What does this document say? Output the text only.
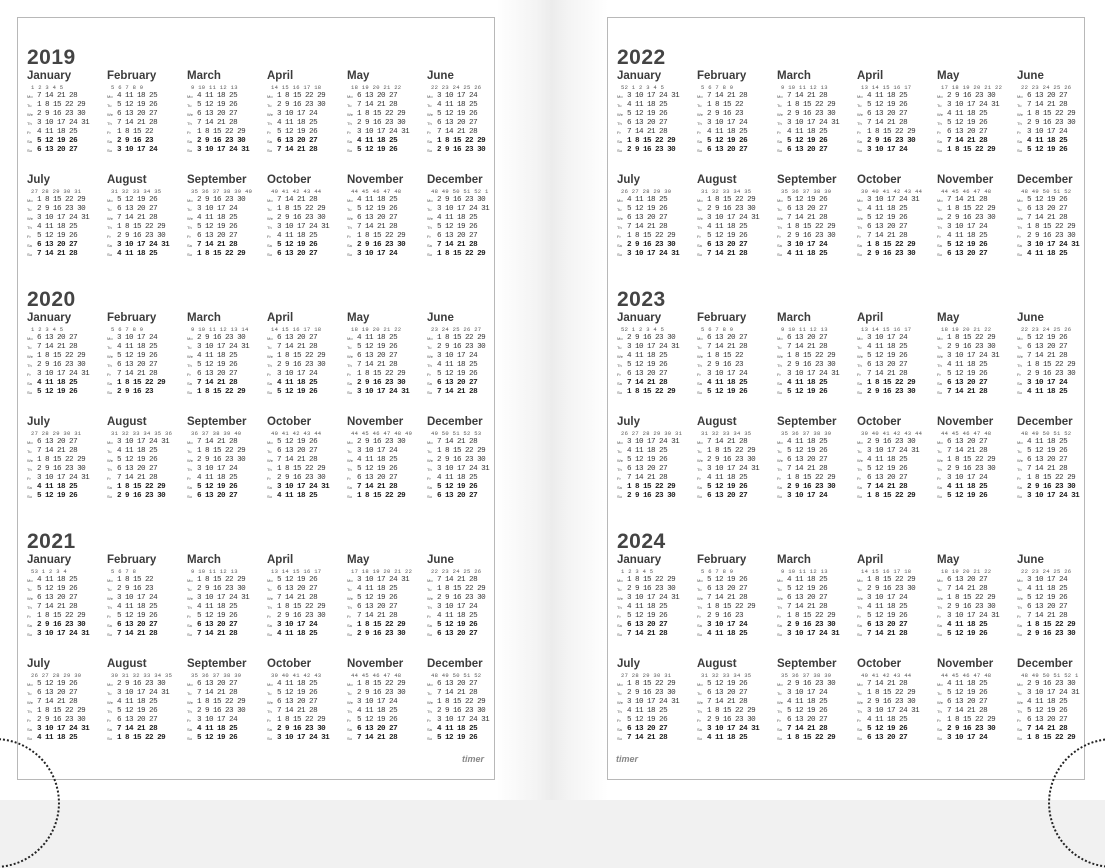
2019
January
1 2 3 4 5
Mo 7 14 21 28
Tu 1 8 15 22 29
We 2 9 16 23 30
Th 3 10 17 24 31
Fr 4 11 18 25
Sa 5 12 19 26
Su 6 13 20 27
February
5 6 7 8 9
Mo 4 11 18 25
Tu 5 12 19 26
We 6 13 20 27
Th 7 14 21 28
Fr 1 8 15 22
Sa 2 9 16 23
Su 3 10 17 24
March
9 10 11 12 13
Mo 4 11 18 25
Tu 5 12 19 26
We 6 13 20 27
Th 7 14 21 28
Fr 1 8 15 22 29
Sa 2 9 16 23 30
Su 3 10 17 24 31
April
14 15 16 17 18
Mo 1 8 15 22 29
Tu 2 9 16 23 30
We 3 10 17 24
Th 4 11 18 25
Fr 5 12 19 26
Sa 6 13 20 27
Su 7 14 21 28
May
18 19 20 21 22
Mo 6 13 20 27
Tu 7 14 21 28
We 1 8 15 22 29
Th 2 9 16 23 30
Fr 3 10 17 24 31
Sa 4 11 18 25
Su 5 12 19 26
June
22 23 24 25 26
Mo 3 10 17 24
Tu 4 11 18 25
We 5 12 19 26
Th 6 13 20 27
Fr 7 14 21 28
Sa 1 8 15 22 29
Su 2 9 16 23 30
July
27 28 29 30 31
Mo 1 8 15 22 29
Tu 2 9 16 23 30
We 3 10 17 24 31
Th 4 11 18 25
Fr 5 12 19 26
Sa 6 13 20 27
Su 7 14 21 28
August
31 32 33 34 35
Mo 5 12 19 26
Tu 6 13 20 27
We 7 14 21 28
Th 1 8 15 22 29
Fr 2 9 16 23 30
Sa 3 10 17 24 31
Su 4 11 18 25
September
35 36 37 38 39 40
Mo 2 9 16 23 30
Tu 3 10 17 24
We 4 11 18 25
Th 5 12 19 26
Fr 6 13 20 27
Sa 7 14 21 28
Su 1 8 15 22 29
October
40 41 42 43 44
Mo 7 14 21 28
Tu 1 8 15 22 29
We 2 9 16 23 30
Th 3 10 17 24 31
Fr 4 11 18 25
Sa 5 12 19 26
Su 6 13 20 27
November
44 45 46 47 48
Mo 4 11 18 25
Tu 5 12 19 26
We 6 13 20 27
Th 7 14 21 28
Fr 1 8 15 22 29
Sa 2 9 16 23 30
Su 3 10 17 24
December
48 49 50 51 52 1
Mo 2 9 16 23 30
Tu 3 10 17 24 31
We 4 11 18 25
Th 5 12 19 26
Fr 6 13 20 27
Sa 7 14 21 28
Su 1 8 15 22 29
2020
January
1 2 3 4 5
Mo 6 13 20 27
Tu 7 14 21 28
We 1 8 15 22 29
Th 2 9 16 23 30
Fr 3 10 17 24 31
Sa 4 11 18 25
Su 5 12 19 26
February
5 6 7 8 9
Mo 3 10 17 24
Tu 4 11 18 25
We 5 12 19 26
Th 6 13 20 27
Fr 7 14 21 28
Sa 1 8 15 22 29
Su 2 9 16 23
March
9 10 11 12 13 14
Mo 2 9 16 23 30
Tu 3 10 17 24 31
We 4 11 18 25
Th 5 12 19 26
Fr 6 13 20 27
Sa 7 14 21 28
Su 1 8 15 22 29
April
14 15 16 17 18
Mo 6 13 20 27
Tu 7 14 21 28
We 1 8 15 22 29
Th 2 9 16 23 30
Fr 3 10 17 24
Sa 4 11 18 25
Su 5 12 19 26
May
18 19 20 21 22
Mo 4 11 18 25
Tu 5 12 19 26
We 6 13 20 27
Th 7 14 21 28
Fr 1 8 15 22 29
Sa 2 9 16 23 30
Su 3 10 17 24 31
June
23 24 25 26 27
Mo 1 8 15 22 29
Tu 2 9 16 23 30
We 3 10 17 24
Th 4 11 18 25
Fr 5 12 19 26
Sa 6 13 20 27
Su 7 14 21 28
July
27 28 29 30 31
Mo 6 13 20 27
Tu 7 14 21 28
We 1 8 15 22 29
Th 2 9 16 23 30
Fr 3 10 17 24 31
Sa 4 11 18 25
Su 5 12 19 26
August
31 32 33 34 35 36
Mo 3 10 17 24 31
Tu 4 11 18 25
We 5 12 19 26
Th 6 13 20 27
Fr 7 14 21 28
Sa 1 8 15 22 29
Su 2 9 16 23 30
September
36 37 38 39 40
Mo 7 14 21 28
Tu 1 8 15 22 29
We 2 9 16 23 30
Th 3 10 17 24
Fr 4 11 18 25
Sa 5 12 19 26
Su 6 13 20 27
October
40 41 42 43 44
Mo 5 12 19 26
Tu 6 13 20 27
We 7 14 21 28
Th 1 8 15 22 29
Fr 2 9 16 23 30
Sa 3 10 17 24 31
Su 4 11 18 25
November
44 45 46 47 48 49
Mo 2 9 16 23 30
Tu 3 10 17 24
We 4 11 18 25
Th 5 12 19 26
Fr 6 13 20 27
Sa 7 14 21 28
Su 1 8 15 22 29
December
49 50 51 52 53
Mo 7 14 21 28
Tu 1 8 15 22 29
We 2 9 16 23 30
Th 3 10 17 24 31
Fr 4 11 18 25
Sa 5 12 19 26
Su 6 13 20 27
2021
January
53 1 2 3 4
Mo 4 11 18 25
Tu 5 12 19 26
We 6 13 20 27
Th 7 14 21 28
Fr 1 8 15 22 29
Sa 2 9 16 23 30
Su 3 10 17 24 31
February
5 6 7 8
Mo 1 8 15 22
Tu 2 9 16 23
We 3 10 17 24
Th 4 11 18 25
Fr 5 12 19 26
Sa 6 13 20 27
Su 7 14 21 28
March
9 10 11 12 13
Mo 1 8 15 22 29
Tu 2 9 16 23 30
We 3 10 17 24 31
Th 4 11 18 25
Fr 5 12 19 26
Sa 6 13 20 27
Su 7 14 21 28
April
13 14 15 16 17
Mo 5 12 19 26
Tu 6 13 20 27
We 7 14 21 28
Th 1 8 15 22 29
Fr 2 9 16 23 30
Sa 3 10 17 24
Su 4 11 18 25
May
17 18 19 20 21 22
Mo 3 10 17 24 31
Tu 4 11 18 25
We 5 12 19 26
Th 6 13 20 27
Fr 7 14 21 28
Sa 1 8 15 22 29
Su 2 9 16 23 30
June
22 23 24 25 26
Mo 7 14 21 28
Tu 1 8 15 22 29
We 2 9 16 23 30
Th 3 10 17 24
Fr 4 11 18 25
Sa 5 12 19 26
Su 6 13 20 27
July
26 27 28 29 30
Mo 5 12 19 26
Tu 6 13 20 27
We 7 14 21 28
Th 1 8 15 22 29
Fr 2 9 16 23 30
Sa 3 10 17 24 31
Su 4 11 18 25
August
30 31 32 33 34 35
Mo 2 9 16 23 30
Tu 3 10 17 24 31
We 4 11 18 25
Th 5 12 19 26
Fr 6 13 20 27
Sa 7 14 21 28
Su 1 8 15 22 29
September
35 36 37 38 39
Mo 6 13 20 27
Tu 7 14 21 28
We 1 8 15 22 29
Th 2 9 16 23 30
Fr 3 10 17 24
Sa 4 11 18 25
Su 5 12 19 26
October
39 40 41 42 43
Mo 4 11 18 25
Tu 5 12 19 26
We 6 13 20 27
Th 7 14 21 28
Fr 1 8 15 22 29
Sa 2 9 16 23 30
Su 3 10 17 24 31
November
44 45 46 47 48
Mo 1 8 15 22 29
Tu 2 9 16 23 30
We 3 10 17 24
Th 4 11 18 25
Fr 5 12 19 26
Sa 6 13 20 27
Su 7 14 21 28
December
48 49 50 51 52
Mo 6 13 20 27
Tu 7 14 21 28
We 1 8 15 22 29
Th 2 9 16 23 30
Fr 3 10 17 24 31
Sa 4 11 18 25
Su 5 12 19 26
timer
2022
January
52 1 2 3 4 5
Mo 3 10 17 24 31
Tu 4 11 18 25
We 5 12 19 26
Th 6 13 20 27
Fr 7 14 21 28
Sa 1 8 15 22 29
Su 2 9 16 23 30
February
5 6 7 8 9
Mo 7 14 21 28
Tu 1 8 15 22
We 2 9 16 23
Th 3 10 17 24
Fr 4 11 18 25
Sa 5 12 19 26
Su 6 13 20 27
March
9 10 11 12 13
Mo 7 14 21 28
Tu 1 8 15 22 29
We 2 9 16 23 30
Th 3 10 17 24 31
Fr 4 11 18 25
Sa 5 12 19 26
Su 6 13 20 27
April
13 14 15 16 17
Mo 4 11 18 25
Tu 5 12 19 26
We 6 13 20 27
Th 7 14 21 28
Fr 1 8 15 22 29
Sa 2 9 16 23 30
Su 3 10 17 24
May
17 18 19 20 21 22
Mo 2 9 16 23 30
Tu 3 10 17 24 31
We 4 11 18 25
Th 5 12 19 26
Fr 6 13 20 27
Sa 7 14 21 28
Su 1 8 15 22 29
June
22 23 24 25 26
Mo 6 13 20 27
Tu 7 14 21 28
We 1 8 15 22 29
Th 2 9 16 23 30
Fr 3 10 17 24
Sa 4 11 18 25
Su 5 12 19 26
July
26 27 28 29 30
Mo 4 11 18 25
Tu 5 12 19 26
We 6 13 20 27
Th 7 14 21 28
Fr 1 8 15 22 29
Sa 2 9 16 23 30
Su 3 10 17 24 31
August
31 32 33 34 35
Mo 1 8 15 22 29
Tu 2 9 16 23 30
We 3 10 17 24 31
Th 4 11 18 25
Fr 5 12 19 26
Sa 6 13 20 27
Su 7 14 21 28
September
35 36 37 38 39
Mo 5 12 19 26
Tu 6 13 20 27
We 7 14 21 28
Th 1 8 15 22 29
Fr 2 9 16 23 30
Sa 3 10 17 24
Su 4 11 18 25
October
39 40 41 42 43 44
Mo 3 10 17 24 31
Tu 4 11 18 25
We 5 12 19 26
Th 6 13 20 27
Fr 7 14 21 28
Sa 1 8 15 22 29
Su 2 9 16 23 30
November
44 45 46 47 48
Mo 7 14 21 28
Tu 1 8 15 22 29
We 2 9 16 23 30
Th 3 10 17 24
Fr 4 11 18 25
Sa 5 12 19 26
Su 6 13 20 27
December
48 49 50 51 52
Mo 5 12 19 26
Tu 6 13 20 27
We 7 14 21 28
Th 1 8 15 22 29
Fr 2 9 16 23 30
Sa 3 10 17 24 31
Su 4 11 18 25
2023
January
52 1 2 3 4 5
Mo 2 9 16 23 30
Tu 3 10 17 24 31
We 4 11 18 25
Th 5 12 19 26
Fr 6 13 20 27
Sa 7 14 21 28
Su 1 8 15 22 29
February
5 6 7 8 9
Mo 6 13 20 27
Tu 7 14 21 28
We 1 8 15 22
Th 2 9 16 23
Fr 3 10 17 24
Sa 4 11 18 25
Su 5 12 19 26
March
9 10 11 12 13
Mo 6 13 20 27
Tu 7 14 21 28
We 1 8 15 22 29
Th 2 9 16 23 30
Fr 3 10 17 24 31
Sa 4 11 18 25
Su 5 12 19 26
April
13 14 15 16 17
Mo 3 10 17 24
Tu 4 11 18 25
We 5 12 19 26
Th 6 13 20 27
Fr 7 14 21 28
Sa 1 8 15 22 29
Su 2 9 16 23 30
May
18 19 20 21 22
Mo 1 8 15 22 29
Tu 2 9 16 23 30
We 3 10 17 24 31
Th 4 11 18 25
Fr 5 12 19 26
Sa 6 13 20 27
Su 7 14 21 28
June
22 23 24 25 26
Mo 5 12 19 26
Tu 6 13 20 27
We 7 14 21 28
Th 1 8 15 22 29
Fr 2 9 16 23 30
Sa 3 10 17 24
Su 4 11 18 25
July
26 27 28 29 30 31
Mo 3 10 17 24 31
Tu 4 11 18 25
We 5 12 19 26
Th 6 13 20 27
Fr 7 14 21 28
Sa 1 8 15 22 29
Su 2 9 16 23 30
August
31 32 33 34 35
Mo 7 14 21 28
Tu 1 8 15 22 29
We 2 9 16 23 30
Th 3 10 17 24 31
Fr 4 11 18 25
Sa 5 12 19 26
Su 6 13 20 27
September
35 36 37 38 39
Mo 4 11 18 25
Tu 5 12 19 26
We 6 13 20 27
Th 7 14 21 28
Fr 1 8 15 22 29
Sa 2 9 16 23 30
Su 3 10 17 24
October
39 40 41 42 43 44
Mo 2 9 16 23 30
Tu 3 10 17 24 31
We 4 11 18 25
Th 5 12 19 26
Fr 6 13 20 27
Sa 7 14 21 28
Su 1 8 15 22 29
November
44 45 46 47 48
Mo 6 13 20 27
Tu 7 14 21 28
We 1 8 15 22 29
Th 2 9 16 23 30
Fr 3 10 17 24
Sa 4 11 18 25
Su 5 12 19 26
December
48 49 50 51 52
Mo 4 11 18 25
Tu 5 12 19 26
We 6 13 20 27
Th 7 14 21 28
Fr 1 8 15 22 29
Sa 2 9 16 23 30
Su 3 10 17 24 31
2024
January
1 2 3 4 5
Mo 1 8 15 22 29
Tu 2 9 16 23 30
We 3 10 17 24 31
Th 4 11 18 25
Fr 5 12 19 26
Sa 6 13 20 27
Su 7 14 21 28
February
5 6 7 8 9
Mo 5 12 19 26
Tu 6 13 20 27
We 7 14 21 28
Th 1 8 15 22 29
Fr 2 9 16 23
Sa 3 10 17 24
Su 4 11 18 25
March
9 10 11 12 13
Mo 4 11 18 25
Tu 5 12 19 26
We 6 13 20 27
Th 7 14 21 28
Fr 1 8 15 22 29
Sa 2 9 16 23 30
Su 3 10 17 24 31
April
14 15 16 17 18
Mo 1 8 15 22 29
Tu 2 9 16 23 30
We 3 10 17 24
Th 4 11 18 25
Fr 5 12 19 26
Sa 6 13 20 27
Su 7 14 21 28
May
18 19 20 21 22
Mo 6 13 20 27
Tu 7 14 21 28
We 1 8 15 22 29
Th 2 9 16 23 30
Fr 3 10 17 24 31
Sa 4 11 18 25
Su 5 12 19 26
June
22 23 24 25 26
Mo 3 10 17 24
Tu 4 11 18 25
We 5 12 19 26
Th 6 13 20 27
Fr 7 14 21 28
Sa 1 8 15 22 29
Su 2 9 16 23 30
July
27 28 29 30 31
Mo 1 8 15 22 29
Tu 2 9 16 23 30
We 3 10 17 24 31
Th 4 11 18 25
Fr 5 12 19 26
Sa 6 13 20 27
Su 7 14 21 28
August
31 32 33 34 35
Mo 5 12 19 26
Tu 6 13 20 27
We 7 14 21 28
Th 1 8 15 22 29
Fr 2 9 16 23 30
Sa 3 10 17 24 31
Su 4 11 18 25
September
35 36 37 38 39
Mo 2 9 16 23 30
Tu 3 10 17 24
We 4 11 18 25
Th 5 12 19 26
Fr 6 13 20 27
Sa 7 14 21 28
Su 1 8 15 22 29
October
40 41 42 43 44
Mo 7 14 21 28
Tu 1 8 15 22 29
We 2 9 16 23 30
Th 3 10 17 24 31
Fr 4 11 18 25
Sa 5 12 19 26
Su 6 13 20 27
November
44 45 46 47 48
Mo 4 11 18 25
Tu 5 12 19 26
We 6 13 20 27
Th 7 14 21 28
Fr 1 8 15 22 29
Sa 2 9 16 23 30
Su 3 10 17 24
December
48 49 50 51 52 1
Mo 2 9 16 23 30
Tu 3 10 17 24 31
We 4 11 18 25
Th 5 12 19 26
Fr 6 13 20 27
Sa 7 14 21 28
Su 1 8 15 22 29
timer
